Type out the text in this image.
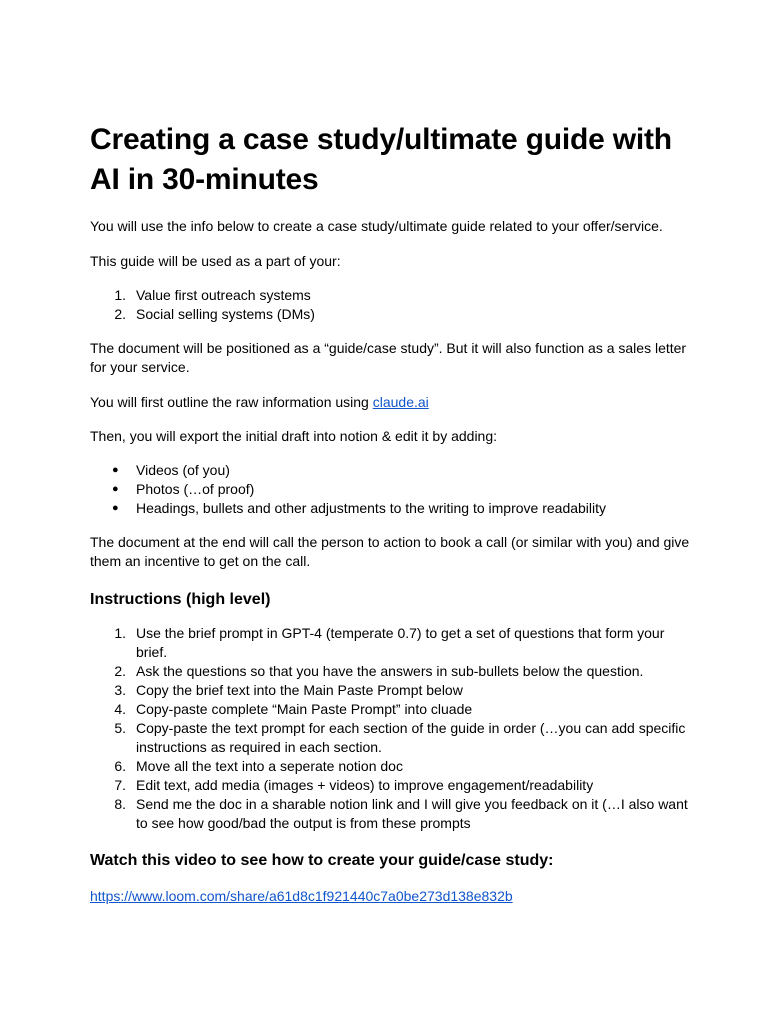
Creating a case study/ultimate guide with AI in 30-minutes

You will use the info below to create a case study/ultimate guide related to your offer/service.

This guide will be used as a part of your:

1. Value first outreach systems
2. Social selling systems (DMs)

The document will be positioned as a “guide/case study”. But it will also function as a sales letter for your service.

You will first outline the raw information using claude.ai

Then, you will export the initial draft into notion & edit it by adding:

●	Videos (of you)
●	Photos (…of proof)
●	Headings, bullets and other adjustments to the writing to improve readability

The document at the end will call the person to action to book a call (or similar with you) and give them an incentive to get on the call.

Instructions (high level)
1. Use the brief prompt in GPT-4 (temperate 0.7) to get a set of questions that form your brief.
2. Ask the questions so that you have the answers in sub-bullets below the question.
3. Copy the brief text into the Main Paste Prompt below
4. Copy-paste complete “Main Paste Prompt” into cluade
5. Copy-paste the text prompt for each section of the guide in order (…you can add specific instructions as required in each section.
6. Move all the text into a seperate notion doc
7. Edit text, add media (images + videos) to improve engagement/readability
8. Send me the doc in a sharable notion link and I will give you feedback on it (…I also want to see how good/bad the output is from these prompts
Watch this video to see how to create your guide/case study:

https://www.loom.com/share/a61d8c1f921440c7a0be273d138e832b
